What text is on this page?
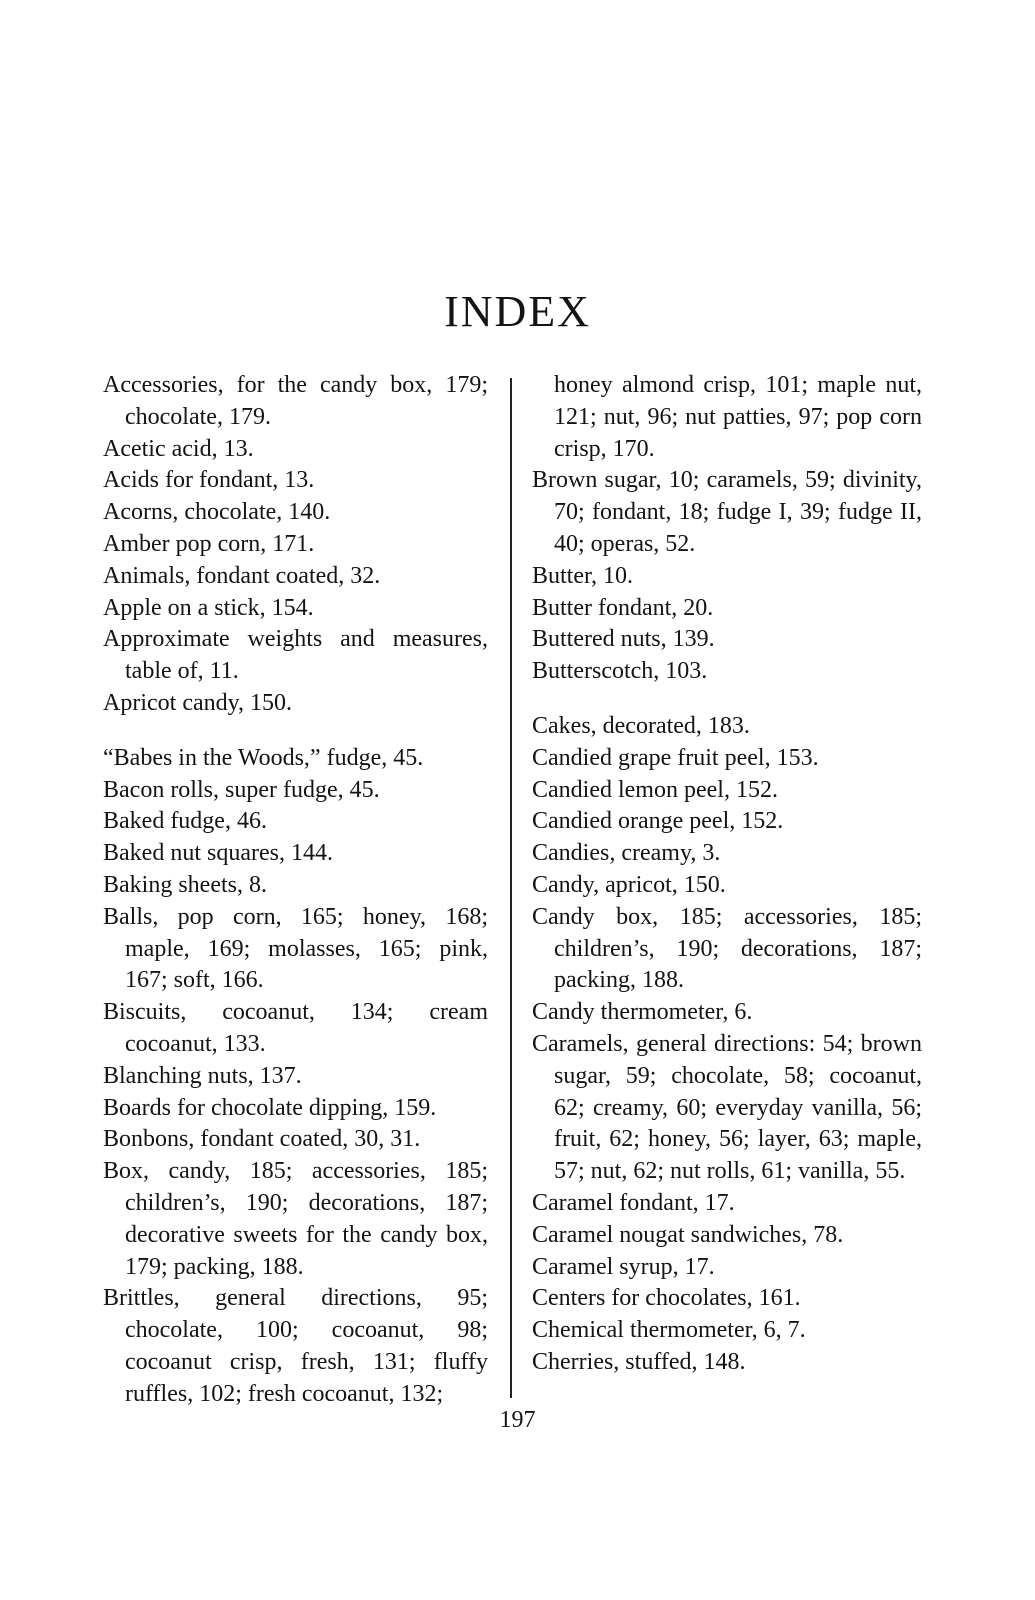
INDEX

Accessories, for the candy box, 179; chocolate, 179.

Acetic acid, 13.

Acids for fondant, 13.

Acorns, chocolate, 140.

Amber pop corn, 171.

Animals, fondant coated, 32.

Apple on a stick, 154.

Approximate weights and measures, table of, 11.

Apricot candy, 150.

“Babes in the Woods,” fudge, 45.

Bacon rolls, super fudge, 45.

Baked fudge, 46.

Baked nut squares, 144.

Baking sheets, 8.

Balls, pop corn, 165; honey, 168; maple, 169; molasses, 165; pink, 167; soft, 166.

Biscuits, cocoanut, 134; cream cocoanut, 133.

Blanching nuts, 137.

Boards for chocolate dipping, 159.

Bonbons, fondant coated, 30, 31.

Box, candy, 185; accessories, 185; children’s, 190; decorations, 187; decorative sweets for the candy box, 179; packing, 188.

Brittles, general directions, 95; chocolate, 100; cocoanut, 98; cocoanut crisp, fresh, 131; fluffy ruffles, 102; fresh cocoanut, 132;

honey almond crisp, 101; maple nut, 121; nut, 96; nut patties, 97; pop corn crisp, 170.

Brown sugar, 10; caramels, 59; divinity, 70; fondant, 18; fudge I, 39; fudge II, 40; operas, 52.

Butter, 10.

Butter fondant, 20.

Buttered nuts, 139.

Butterscotch, 103.

Cakes, decorated, 183.

Candied grape fruit peel, 153.

Candied lemon peel, 152.

Candied orange peel, 152.

Candies, creamy, 3.

Candy, apricot, 150.

Candy box, 185; accessories, 185; children’s, 190; decorations, 187; packing, 188.

Candy thermometer, 6.

Caramels, general directions: 54; brown sugar, 59; chocolate, 58; cocoanut, 62; creamy, 60; everyday vanilla, 56; fruit, 62; honey, 56; layer, 63; maple, 57; nut, 62; nut rolls, 61; vanilla, 55.

Caramel fondant, 17.

Caramel nougat sandwiches, 78.

Caramel syrup, 17.

Centers for chocolates, 161.

Chemical thermometer, 6, 7.

Cherries, stuffed, 148.

197
